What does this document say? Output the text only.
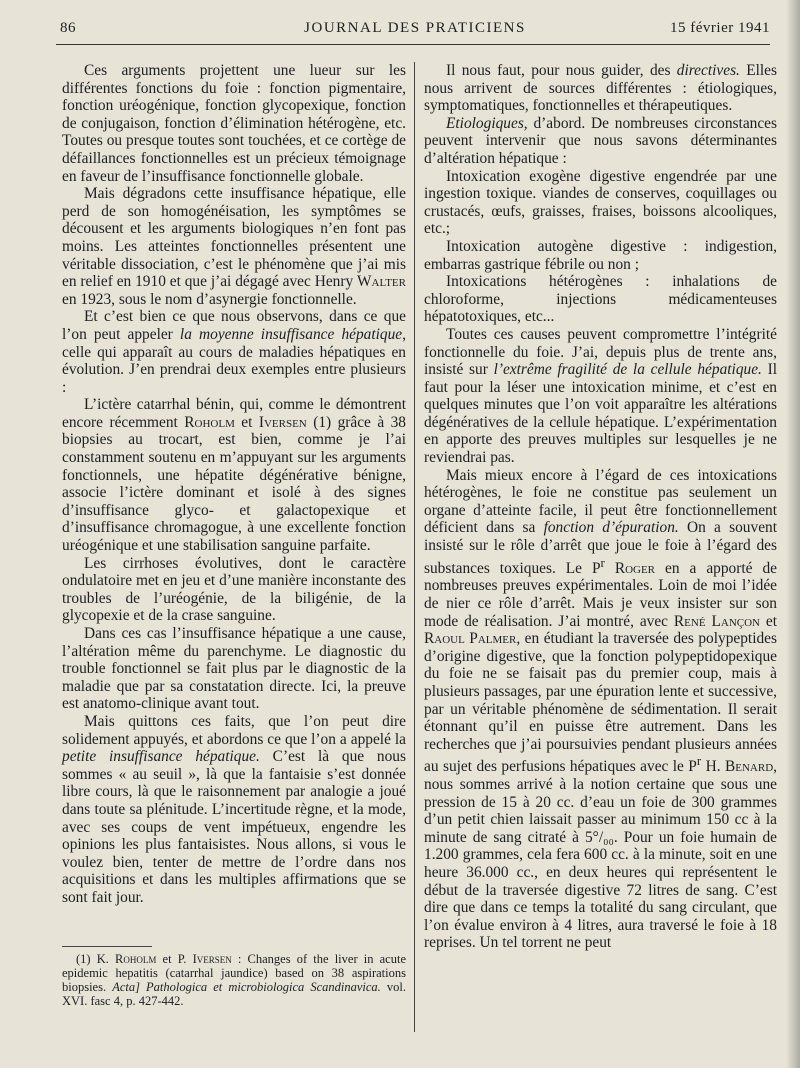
86	JOURNAL DES PRATICIENS	15 février 1941

Ces arguments projettent une lueur sur les différentes fonctions du foie : fonction pigmentaire, fonction uréogénique, fonction glycopexique, fonction de conjugaison, fonction d’élimination hétérogène, etc. Toutes ou presque toutes sont touchées, et ce cortège de défaillances fonctionnelles est un précieux témoignage en faveur de l’insuffisance fonctionnelle globale.

Mais dégradons cette insuffisance hépatique, elle perd de son homogénéisation, les symptômes se décousent et les arguments biologiques n’en font pas moins. Les atteintes fonctionnelles présentent une véritable dissociation, c’est le phénomène que j’ai mis en relief en 1910 et que j’ai dégagé avec Henry Walter en 1923, sous le nom d’asynergie fonctionnelle.

Et c’est bien ce que nous observons, dans ce que l’on peut appeler la moyenne insuffisance hépatique, celle qui apparaît au cours de maladies hépatiques en évolution. J’en prendrai deux exemples entre plusieurs :

L’ictère catarrhal bénin, qui, comme le démontrent encore récemment Roholm et Iversen (1) grâce à 38 biopsies au trocart, est bien, comme je l’ai constamment soutenu en m’appuyant sur les arguments fonctionnels, une hépatite dégénérative bénigne, associe l’ictère dominant et isolé à des signes d’insuffisance glyco- et galactopexique et d’insuffisance chromagogue, à une excellente fonction uréogénique et une stabilisation sanguine parfaite.

Les cirrhoses évolutives, dont le caractère ondulatoire met en jeu et d’une manière inconstante des troubles de l’uréogénie, de la biligénie, de la glycopexie et de la crase sanguine.

Dans ces cas l’insuffisance hépatique a une cause, l’altération même du parenchyme. Le diagnostic du trouble fonctionnel se fait plus par le diagnostic de la maladie que par sa constatation directe. Ici, la preuve est anatomo-clinique avant tout.

Mais quittons ces faits, que l’on peut dire solidement appuyés, et abordons ce que l’on a appelé la petite insuffisance hépatique. C’est là que nous sommes « au seuil », là que la fantaisie s’est donnée libre cours, là que le raisonnement par analogie a joué dans toute sa plénitude. L’incertitude règne, et la mode, avec ses coups de vent impétueux, engendre les opinions les plus fantaisistes. Nous allons, si vous le voulez bien, tenter de mettre de l’ordre dans nos acquisitions et dans les multiples affirmations que se sont fait jour.

(1) K. Roholm et P. Iversen : Changes of the liver in acute epidemic hepatitis (catarrhal jaundice) based on 38 aspirations biopsies. Acta] Pathologica et microbiologica Scandinavica. vol. XVI. fasc 4, p. 427-442.

Il nous faut, pour nous guider, des directives. Elles nous arrivent de sources différentes : étiologiques, symptomatiques, fonctionnelles et thérapeutiques.

Etiologiques, d’abord. De nombreuses circonstances peuvent intervenir que nous savons déterminantes d’altération hépatique :

Intoxication exogène digestive engendrée par une ingestion toxique. viandes de conserves, coquillages ou crustacés, œufs, graisses, fraises, boissons alcooliques, etc.;

Intoxication autogène digestive : indigestion, embarras gastrique fébrile ou non ;

Intoxications hétérogènes : inhalations de chloroforme, injections médicamenteuses hépatotoxiques, etc...

Toutes ces causes peuvent compromettre l’intégrité fonctionnelle du foie. J’ai, depuis plus de trente ans, insisté sur l’extrême fragilité de la cellule hépatique. Il faut pour la léser une intoxication minime, et c’est en quelques minutes que l’on voit apparaître les altérations dégénératives de la cellule hépatique. L’expérimentation en apporte des preuves multiples sur lesquelles je ne reviendrai pas.

Mais mieux encore à l’égard de ces intoxications hétérogènes, le foie ne constitue pas seulement un organe d’atteinte facile, il peut être fonctionnellement déficient dans sa fonction d’épuration. On a souvent insisté sur le rôle d’arrêt que joue le foie à l’égard des substances toxiques. Le $P^r$ Roger en a apporté de nombreuses preuves expérimentales. Loin de moi l’idée de nier ce rôle d’arrêt. Mais je veux insister sur son mode de réalisation. J’ai montré, avec René Lançon et Raoul Palmer, en étudiant la traversée des polypeptides d’origine digestive, que la fonction polypeptidopexique du foie ne se faisait pas du premier coup, mais à plusieurs passages, par une épuration lente et successive, par un véritable phénomène de sédimentation. Il serait étonnant qu’il en puisse être autrement. Dans les recherches que j’ai poursuivies pendant plusieurs années au sujet des perfusions hépatiques avec le $P^r$ H. Benard, nous sommes arrivé à la notion certaine que sous une pression de 15 à 20 cc. d’eau un foie de 300 grammes d’un petit chien laissait passer au minimum 150 cc à la minute de sang citraté à 5°/₀₀. Pour un foie humain de 1.200 grammes, cela fera 600 cc. à la minute, soit en une heure 36.000 cc., en deux heures qui représentent le début de la traversée digestive 72 litres de sang. C’est dire que dans ce temps la totalité du sang circulant, que l’on évalue environ à 4 litres, aura traversé le foie à 18 reprises. Un tel torrent ne peut
